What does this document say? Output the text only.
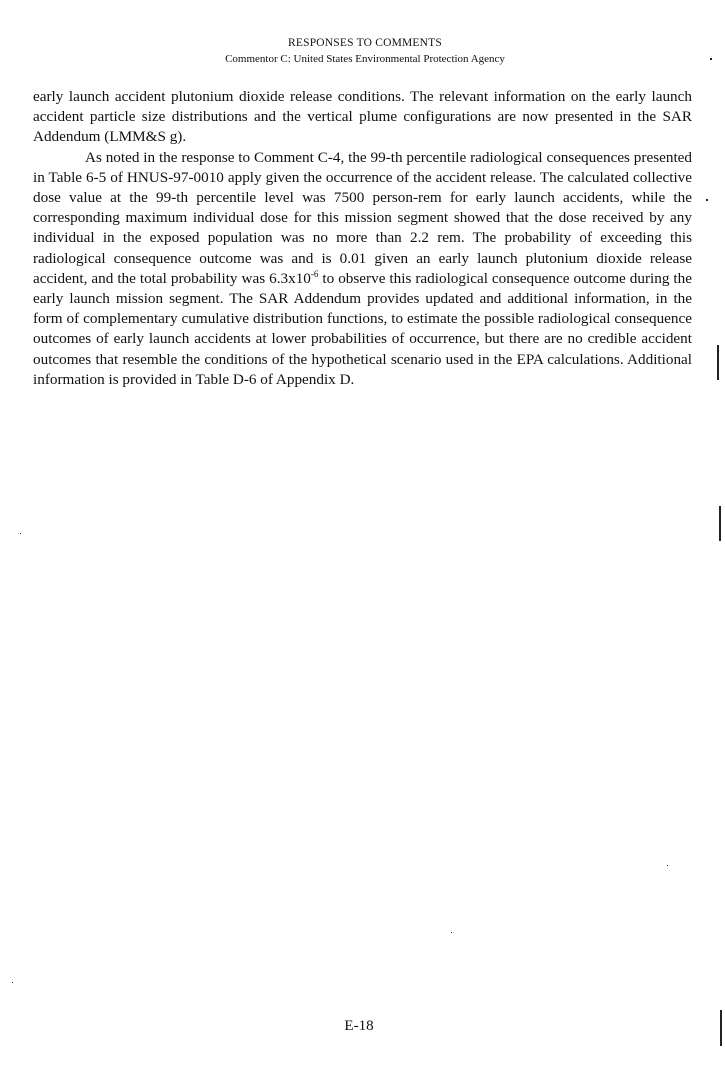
RESPONSES TO COMMENTS
Commentor C: United States Environmental Protection Agency

early launch accident plutonium dioxide release conditions. The relevant information on the early launch accident particle size distributions and the vertical plume configurations are now presented in the SAR Addendum (LMM&S g).

As noted in the response to Comment C-4, the 99-th percentile radiological consequences presented in Table 6-5 of HNUS-97-0010 apply given the occurrence of the accident release. The calculated collective dose value at the 99-th percentile level was 7500 person-rem for early launch accidents, while the corresponding maximum individual dose for this mission segment showed that the dose received by any individual in the exposed population was no more than 2.2 rem. The probability of exceeding this radiological consequence outcome was and is 0.01 given an early launch plutonium dioxide release accident, and the total probability was $6.3x10^{-6}$ to observe this radiological consequence outcome during the early launch mission segment. The SAR Addendum provides updated and additional information, in the form of complementary cumulative distribution functions, to estimate the possible radiological consequence outcomes of early launch accidents at lower probabilities of occurrence, but there are no credible accident outcomes that resemble the conditions of the hypothetical scenario used in the EPA calculations. Additional information is provided in Table D-6 of Appendix D.

E-18
